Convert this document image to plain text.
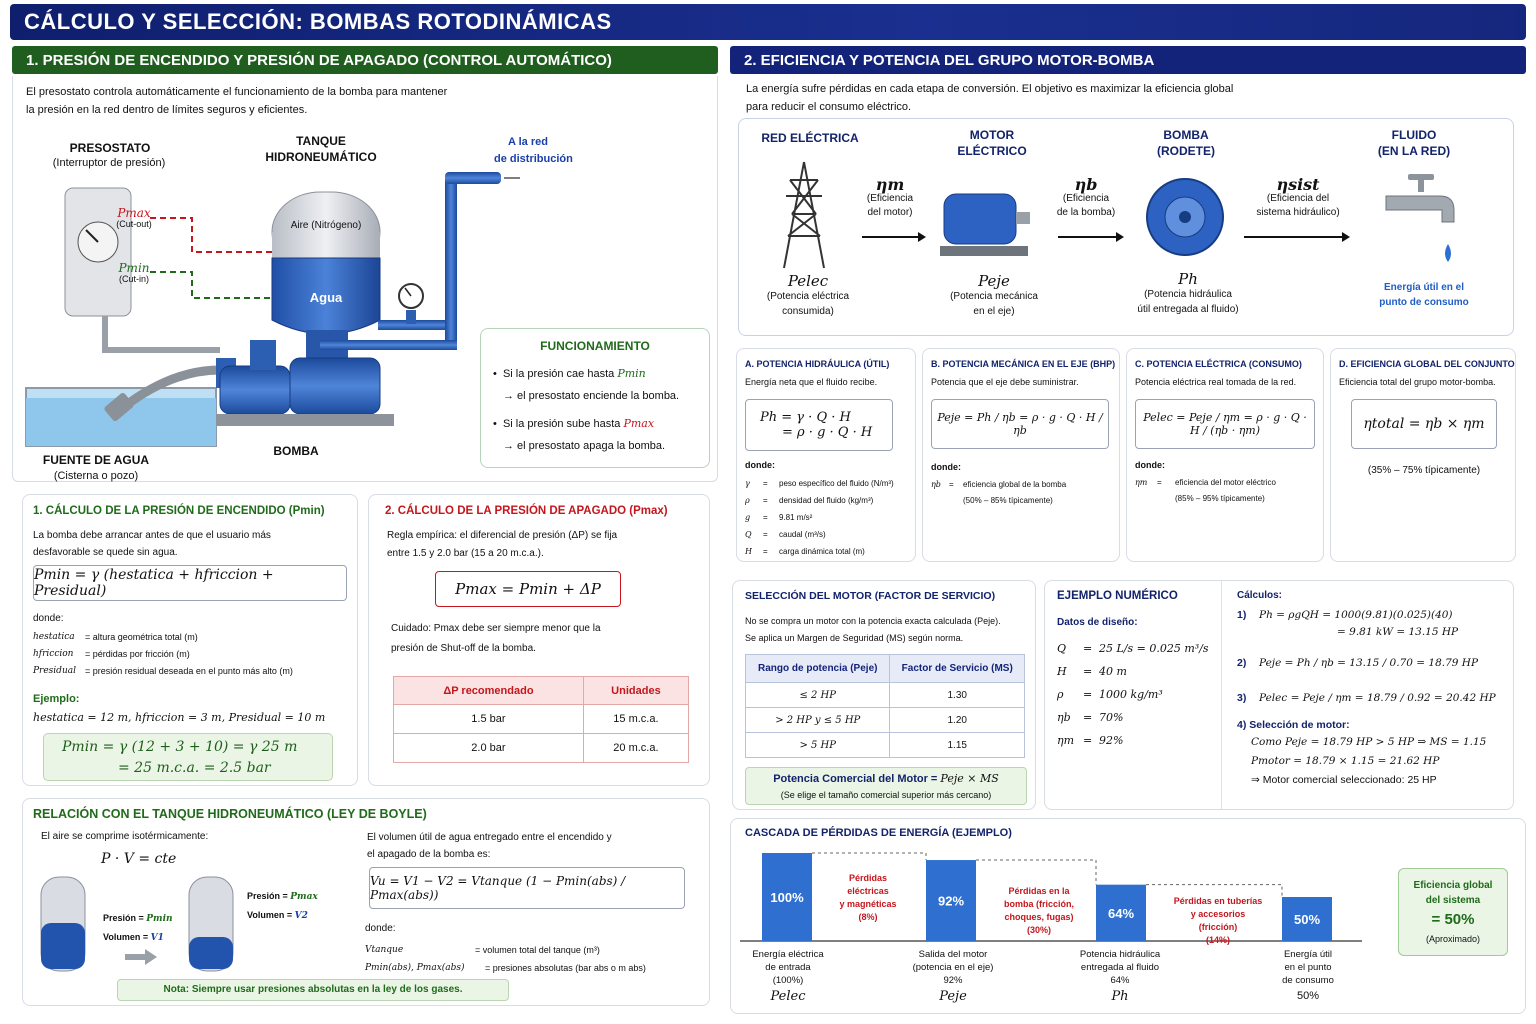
CÁLCULO Y SELECCIÓN: BOMBAS ROTODINÁMICAS
1. PRESIÓN DE ENCENDIDO Y PRESIÓN DE APAGADO (CONTROL AUTOMÁTICO)
El presostato controla automáticamente el funcionamiento de la bomba para mantener
la presión en la red dentro de límites seguros y eficientes.
PRESOSTATO
(Interruptor de presión)
TANQUE
HIDRONEUMÁTICO
A la red
de distribución
Pmax
(Cut-out)
Pmin
(Cut-in)
Aire (Nitrógeno)
Agua
FUENTE DE AGUA
(Cisterna o pozo)
BOMBA
FUNCIONAMIENTO
•  Si la presión cae hasta Pmin
→ el presostato enciende la bomba.
•  Si la presión sube hasta Pmax
→ el presostato apaga la bomba.
1. CÁLCULO DE LA PRESIÓN DE ENCENDIDO (Pmin)
La bomba debe arrancar antes de que el usuario más
desfavorable se quede sin agua.
Pmin = γ (hestatica + hfriccion + Presidual)
donde:
hestatica	= altura geométrica total (m)
hfriccion	= pérdidas por fricción (m)
Presidual	= presión residual deseada en el punto más alto (m)
Ejemplo:
hestatica = 12 m, hfriccion = 3 m, Presidual = 10 m
Pmin = γ (12 + 3 + 10) = γ 25 m
= 25 m.c.a. = 2.5 bar
2. CÁLCULO DE LA PRESIÓN DE APAGADO (Pmax)
Regla empírica: el diferencial de presión (ΔP) se fija
entre 1.5 y 2.0 bar (15 a 20 m.c.a.).
Pmax = Pmin + ΔP
Cuidado: Pmax debe ser siempre menor que la
presión de Shut-off de la bomba.
ΔP recomendado	Unidades
1.5 bar	15 m.c.a.
2.0 bar	20 m.c.a.
RELACIÓN CON EL TANQUE HIDRONEUMÁTICO (LEY DE BOYLE)
El aire se comprime isotérmicamente:
P · V = cte
Presión = Pmin
Volumen = V1
Presión = Pmax
Volumen = V2
El volumen útil de agua entregado entre el encendido y
el apagado de la bomba es:
Vu = V1 − V2 = Vtanque (1 − Pmin(abs) / Pmax(abs))
donde:
Vtanque	= volumen total del tanque (m³)
Pmin(abs), Pmax(abs)	= presiones absolutas (bar abs o m abs)
Nota: Siempre usar presiones absolutas en la ley de los gases.
2. EFICIENCIA Y POTENCIA DEL GRUPO MOTOR-BOMBA
La energía sufre pérdidas en cada etapa de conversión. El objetivo es maximizar la eficiencia global
para reducir el consumo eléctrico.
RED ELÉCTRICA	MOTOR
ELÉCTRICO
BOMBA
(RODETE)
FLUIDO
(EN LA RED)
ηm
(Eficiencia
del motor)
ηb
(Eficiencia
de la bomba)
ηsist
(Eficiencia del
sistema hidráulico)
Pelec
(Potencia eléctrica
consumida)
Peje
(Potencia mecánica
en el eje)
Ph
(Potencia hidráulica
útil entregada al fluido)
Energía útil en el
punto de consumo
A. POTENCIA HIDRÁULICA (ÚTIL)
Energía neta que el fluido recibe.
Ph = γ · Q · H
= ρ · g · Q · H
donde:
γ	=	peso específico del fluido (N/m³)
ρ	=	densidad del fluido (kg/m³)
g	=	9.81 m/s²
Q	=	caudal (m³/s)
H	=	carga dinámica total (m)
B. POTENCIA MECÁNICA EN EL EJE (BHP)
Potencia que el eje debe suministrar.
Peje = Ph / ηb = ρ · g · Q · H / ηb
donde:
ηb	=	eficiencia global de la bomba
(50% – 85% típicamente)
C. POTENCIA ELÉCTRICA (CONSUMO)
Potencia eléctrica real tomada de la red.
Pelec = Peje / ηm = ρ · g · Q · H / (ηb · ηm)
donde:
ηm	=	eficiencia del motor eléctrico
(85% – 95% típicamente)
D. EFICIENCIA GLOBAL DEL CONJUNTO
Eficiencia total del grupo motor-bomba.
ηtotal = ηb × ηm
(35% – 75% típicamente)
SELECCIÓN DEL MOTOR (FACTOR DE SERVICIO)
No se compra un motor con la potencia exacta calculada (Peje).
Se aplica un Margen de Seguridad (MS) según norma.
Rango de potencia (Peje)	Factor de Servicio (MS)
≤ 2 HP	1.30
> 2 HP y ≤ 5 HP	1.20
> 5 HP	1.15
Potencia Comercial del Motor = Peje × MS
(Se elige el tamaño comercial superior más cercano)
EJEMPLO NUMÉRICO
Datos de diseño:
Q	= 25 L/s = 0.025 m³/s
H	= 40 m
ρ	= 1000 kg/m³
ηb	= 70%
ηm = 92%
Cálculos:
1)	Ph = ρgQH = 1000(9.81)(0.025)(40)
= 9.81 kW = 13.15 HP
2)	Peje = Ph / ηb = 13.15 / 0.70 = 18.79 HP
3)	Pelec = Peje / ηm = 18.79 / 0.92 = 20.42 HP
4) Selección de motor:
Como Peje = 18.79 HP > 5 HP ⇒ MS = 1.15
Pmotor = 18.79 × 1.15 = 21.62 HP
⇒ Motor comercial seleccionado: 25 HP
CASCADA DE PÉRDIDAS DE ENERGÍA (EJEMPLO)
100%	92%
64%	50%
Pérdidas
eléctricas
y magnéticas
(8%)
Pérdidas en la
bomba (fricción,
choques, fugas)
(30%)
Pérdidas en tuberías
y accesorios
(fricción)
(14%)
Energía eléctrica
de entrada
(100%)
Pelec
Salida del motor
(potencia en el eje)
92%
Peje
Potencia hidráulica
entregada al fluido
64%
Ph
Energía útil
en el punto
de consumo
50%
Eficiencia global
del sistema
= 50%
(Aproximado)
